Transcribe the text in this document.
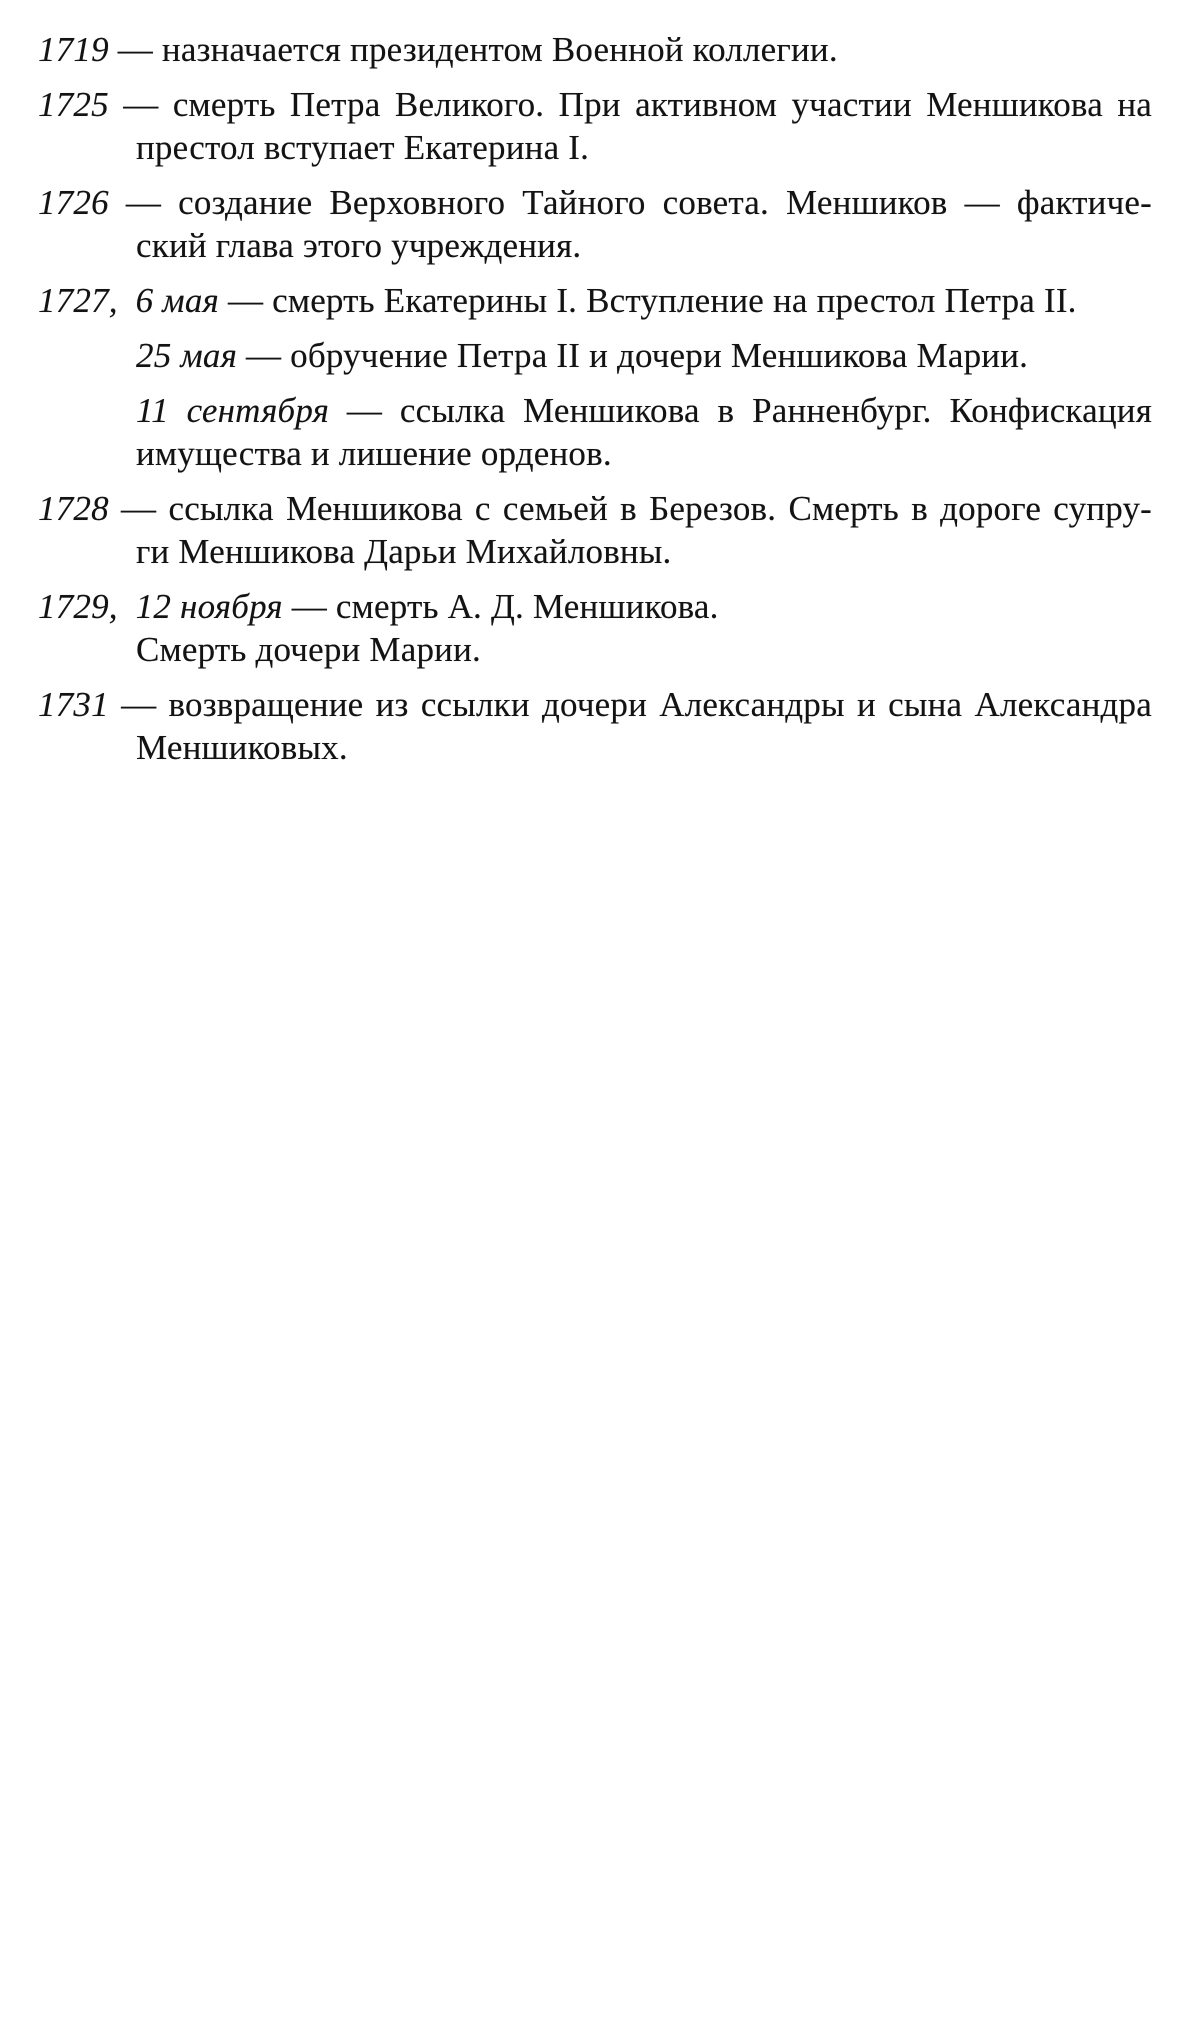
1719 — назначается президентом Военной коллегии.
1725 — смерть Петра Великого. При активном участии Меншикова на
престол вступает Екатерина I.
1726 — создание Верховного Тайного совета. Меншиков — фактиче-
ский глава этого учреждения.
1727,  6 мая — смерть Екатерины I. Вступление на престол Петра II.
25 мая — обручение Петра II и дочери Меншикова Марии.
11 сентября — ссылка Меншикова в Ранненбург. Конфискация
имущества и лишение орденов.
1728 — ссылка Меншикова с семьей в Березов. Смерть в дороге супру-
ги Меншикова Дарьи Михайловны.
1729,  12 ноября — смерть А. Д. Меншикова.
Смерть дочери Марии.
1731 — возвращение из ссылки дочери Александры и сына Александра
Меншиковых.
